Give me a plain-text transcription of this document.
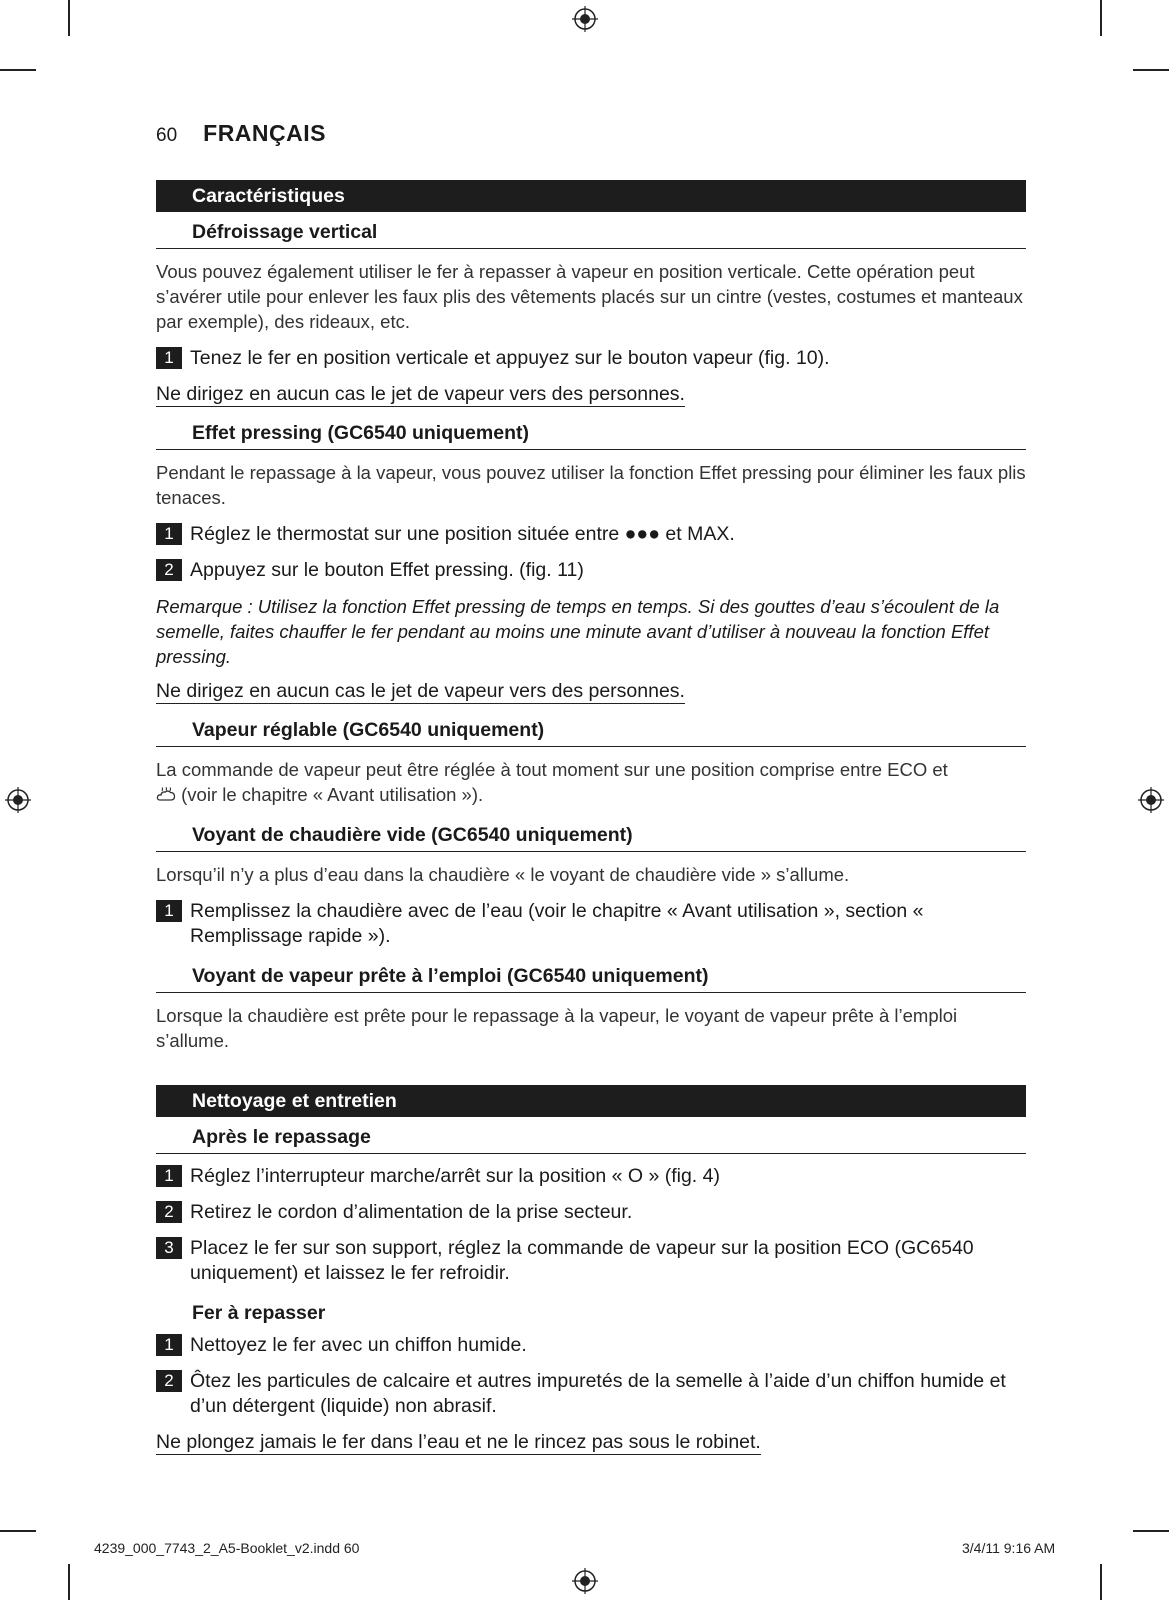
60 FRANÇAIS
Caractéristiques
Défroissage vertical

Vous pouvez également utiliser le fer à repasser à vapeur en position verticale. Cette opération peut s’avérer utile pour enlever les faux plis des vêtements placés sur un cintre (vestes, costumes et manteaux par exemple), des rideaux, etc.

1 Tenez le fer en position verticale et appuyez sur le bouton vapeur (fig. 10).

Ne dirigez en aucun cas le jet de vapeur vers des personnes.

Effet pressing (GC6540 uniquement)

Pendant le repassage à la vapeur, vous pouvez utiliser la fonction Effet pressing pour éliminer les faux plis tenaces.

1 Réglez le thermostat sur une position située entre ●●● et MAX.
2 Appuyez sur le bouton Effet pressing. (fig. 11)

Remarque : Utilisez la fonction Effet pressing de temps en temps. Si des gouttes d’eau s’écoulent de la semelle, faites chauffer le fer pendant au moins une minute avant d’utiliser à nouveau la fonction Effet pressing.

Ne dirigez en aucun cas le jet de vapeur vers des personnes.

Vapeur réglable (GC6540 uniquement)

La commande de vapeur peut être réglée à tout moment sur une position comprise entre ECO et
(voir le chapitre « Avant utilisation »).

Voyant de chaudière vide (GC6540 uniquement)

Lorsqu’il n’y a plus d’eau dans la chaudière « le voyant de chaudière vide » s’allume.

1 Remplissez la chaudière avec de l’eau (voir le chapitre « Avant utilisation », section « Remplissage rapide »).
Voyant de vapeur prête à l’emploi (GC6540 uniquement)

Lorsque la chaudière est prête pour le repassage à la vapeur, le voyant de vapeur prête à l’emploi s’allume.

Nettoyage et entretien
Après le repassage
1 Réglez l’interrupteur marche/arrêt sur la position « O » (fig. 4)
2 Retirez le cordon d’alimentation de la prise secteur.
3 Placez le fer sur son support, réglez la commande de vapeur sur la position ECO (GC6540 uniquement) et laissez le fer refroidir.
Fer à repasser
1 Nettoyez le fer avec un chiffon humide.
2 Ôtez les particules de calcaire et autres impuretés de la semelle à l’aide d’un chiffon humide et d’un détergent (liquide) non abrasif.

Ne plongez jamais le fer dans l’eau et ne le rincez pas sous le robinet.

4239_000_7743_2_A5-Booklet_v2.indd 60	3/4/11 9:16 AM
